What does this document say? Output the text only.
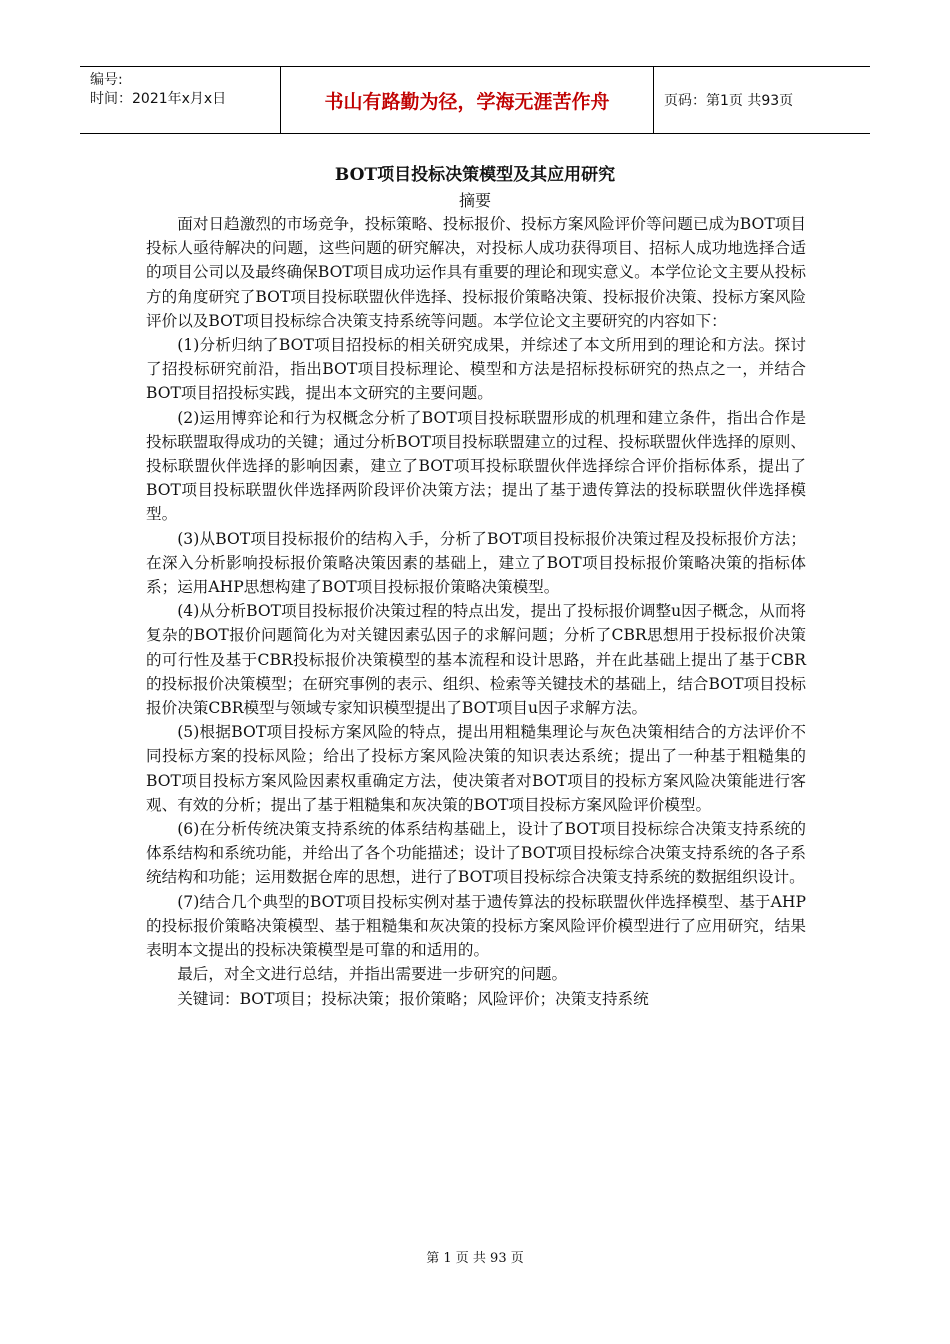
编号:
时间：2021年x月x日	书山有路勤为径，学海无涯苦作舟	页码：第1页 共93页
BOT项目投标决策模型及其应用研究
摘要

面对日趋激烈的市场竞争，投标策略、投标报价、投标方案风险评价等问题已成为BOT项目投标人亟待解决的问题，这些问题的研究解决，对投标人成功获得项目、招标人成功地选择合适的项目公司以及最终确保BOT项目成功运作具有重要的理论和现实意义。本学位论文主要从投标方的角度研究了BOT项目投标联盟伙伴选择、投标报价策略决策、投标报价决策、投标方案风险评价以及BOT项目投标综合决策支持系统等问题。本学位论文主要研究的内容如下：

(1)分析归纳了BOT项目招投标的相关研究成果，并综述了本文所用到的理论和方法。探讨了招投标研究前沿，指出BOT项目投标理论、模型和方法是招标投标研究的热点之一，并结合BOT项目招投标实践，提出本文研究的主要问题。

(2)运用博弈论和行为权概念分析了BOT项目投标联盟形成的机理和建立条件，指出合作是投标联盟取得成功的关键；通过分析BOT项目投标联盟建立的过程、投标联盟伙伴选择的原则、投标联盟伙伴选择的影响因素，建立了BOT项耳投标联盟伙伴选择综合评价指标体系，提出了BOT项目投标联盟伙伴选择两阶段评价决策方法；提出了基于遗传算法的投标联盟伙伴选择模型。

(3)从BOT项目投标报价的结构入手，分析了BOT项目投标报价决策过程及投标报价方法；在深入分析影响投标报价策略决策因素的基础上，建立了BOT项目投标报价策略决策的指标体系；运用AHP思想构建了BOT项目投标报价策略决策模型。

(4)从分析BOT项目投标报价决策过程的特点出发，提出了投标报价调整u因子概念，从而将复杂的BOT报价问题简化为对关键因素弘因子的求解问题；分析了CBR思想用于投标报价决策的可行性及基于CBR投标报价决策模型的基本流程和设计思路，并在此基础上提出了基于CBR的投标报价决策模型；在研究事例的表示、组织、检索等关键技术的基础上，结合BOT项目投标报价决策CBR模型与领域专家知识模型提出了BOT项目u因子求解方法。

(5)根据BOT项目投标方案风险的特点，提出用粗糙集理论与灰色决策相结合的方法评价不同投标方案的投标风险；给出了投标方案风险决策的知识表达系统；提出了一种基于粗糙集的BOT项目投标方案风险因素权重确定方法，使决策者对BOT项目的投标方案风险决策能进行客观、有效的分析；提出了基于粗糙集和灰决策的BOT项目投标方案风险评价模型。

(6)在分析传统决策支持系统的体系结构基础上，设计了BOT项目投标综合决策支持系统的体系结构和系统功能，并给出了各个功能描述；设计了BOT项目投标综合决策支持系统的各子系统结构和功能；运用数据仓库的思想，进行了BOT项目投标综合决策支持系统的数据组织设计。

(7)结合几个典型的BOT项目投标实例对基于遗传算法的投标联盟伙伴选择模型、基于AHP的投标报价策略决策模型、基于粗糙集和灰决策的投标方案风险评价模型进行了应用研究，结果表明本文提出的投标决策模型是可靠的和适用的。

最后，对全文进行总结，并指出需要进一步研究的问题。

关键词：BOT项目；投标决策；报价策略；风险评价；决策支持系统

第 1 页 共 93 页
